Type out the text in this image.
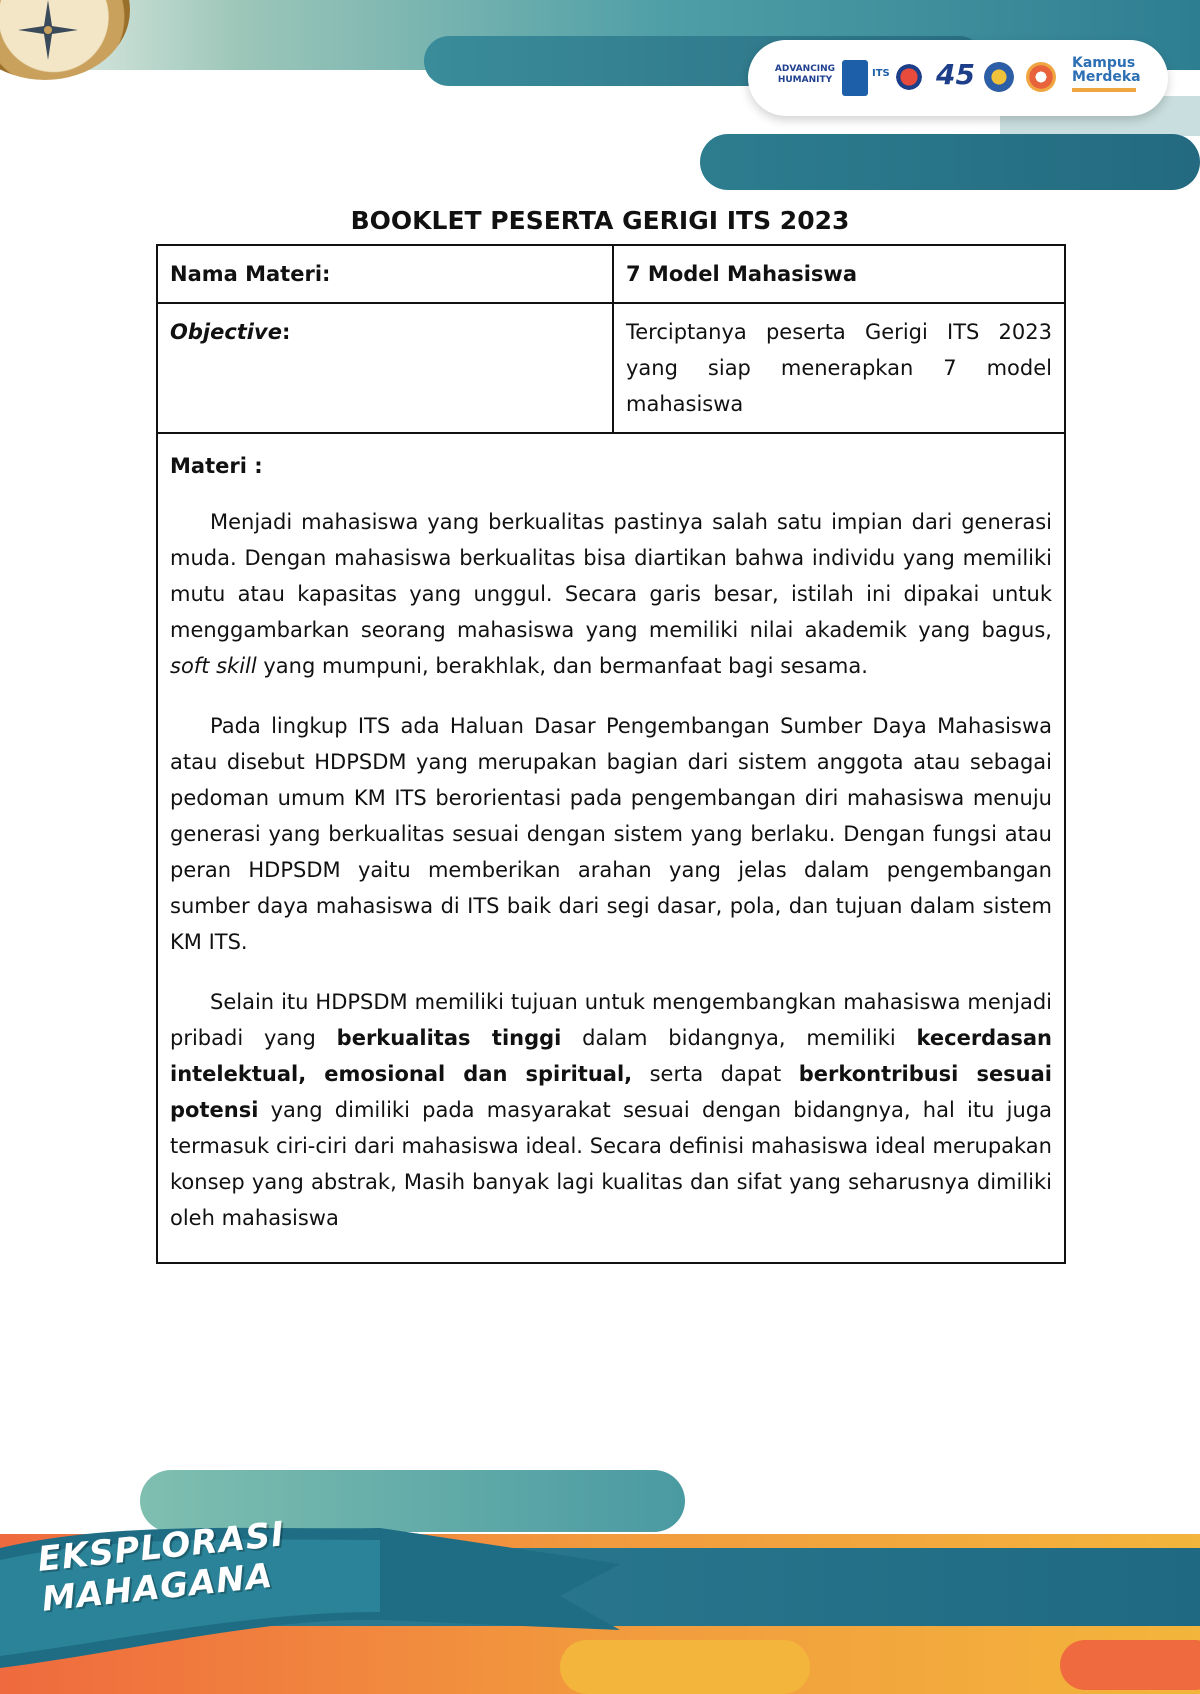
ADVANCING HUMANITY
ITS 45	Kampus Merdeka
BOOKLET PESERTA GERIGI ITS 2023
Nama Materi:	7 Model Mahasiswa
Objective:	Terciptanya peserta Gerigi ITS 2023 yang siap menerapkan 7 model mahasiswa

Materi :

Menjadi mahasiswa yang berkualitas pastinya salah satu impian dari generasi muda. Dengan mahasiswa berkualitas bisa diartikan bahwa individu yang memiliki mutu atau kapasitas yang unggul. Secara garis besar, istilah ini dipakai untuk menggambarkan seorang mahasiswa yang memiliki nilai akademik yang bagus, soft skill yang mumpuni, berakhlak, dan bermanfaat bagi sesama.

Pada lingkup ITS ada Haluan Dasar Pengembangan Sumber Daya Mahasiswa atau disebut HDPSDM yang merupakan bagian dari sistem anggota atau sebagai pedoman umum KM ITS berorientasi pada pengembangan diri mahasiswa menuju generasi yang berkualitas sesuai dengan sistem yang berlaku. Dengan fungsi atau peran HDPSDM yaitu memberikan arahan yang jelas dalam pengembangan sumber daya mahasiswa di ITS baik dari segi dasar, pola, dan tujuan dalam sistem KM ITS.

Selain itu HDPSDM memiliki tujuan untuk mengembangkan mahasiswa menjadi pribadi yang berkualitas tinggi dalam bidangnya, memiliki kecerdasan intelektual, emosional dan spiritual, serta dapat berkontribusi sesuai potensi yang dimiliki pada masyarakat sesuai dengan bidangnya, hal itu juga termasuk ciri-ciri dari mahasiswa ideal. Secara definisi mahasiswa ideal merupakan konsep yang abstrak, Masih banyak lagi kualitas dan sifat yang seharusnya dimiliki oleh mahasiswa	

EKSPLORASI MAHAGANA
